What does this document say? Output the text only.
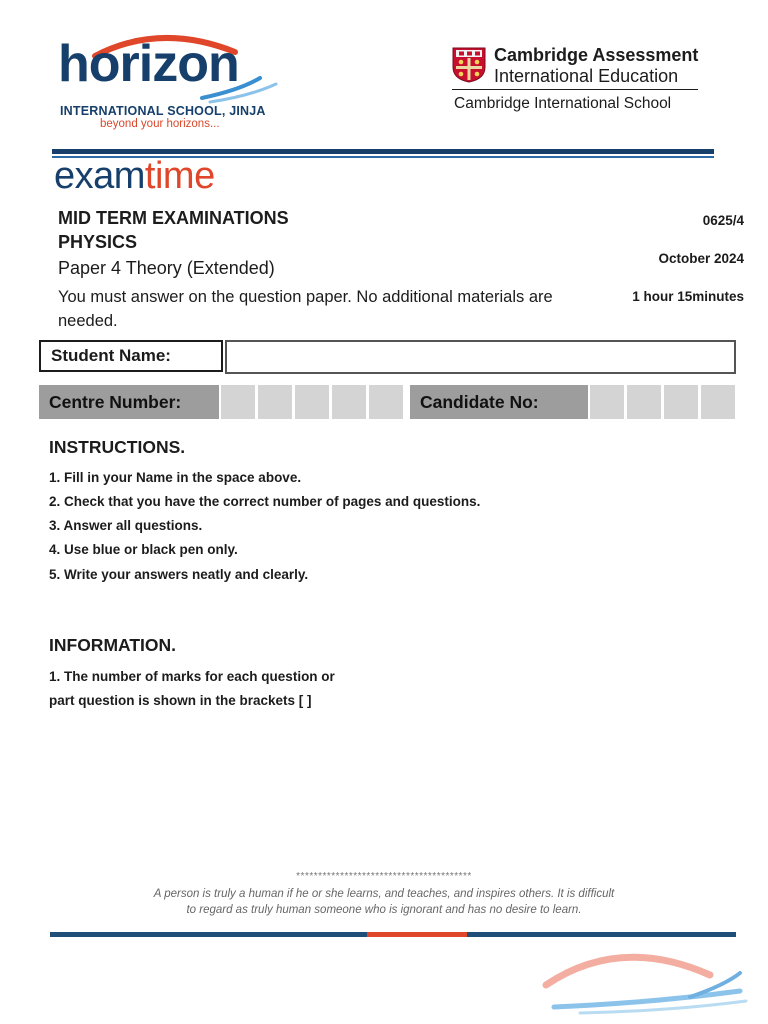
horizon
INTERNATIONAL SCHOOL, JINJA
beyond your horizons...
Cambridge Assessment
International Education
Cambridge International School
examtime
MID TERM EXAMINATIONS
PHYSICS
Paper 4 Theory (Extended)
You must answer on the question paper. No additional materials are needed.
0625/4
October 2024
1 hour 15minutes
Student Name:
Centre Number:	Candidate No:
INSTRUCTIONS.
1. Fill in your Name in the space above.
2. Check that you have the correct number of pages and questions.
3. Answer all questions.
4. Use blue or black pen only.
5. Write your answers neatly and clearly.
INFORMATION.
1. The number of marks for each question or
part question is shown in the brackets [ ]
****************************************
A person is truly a human if he or she learns, and teaches, and inspires others. It is difficult
to regard as truly human someone who is ignorant and has no desire to learn.
